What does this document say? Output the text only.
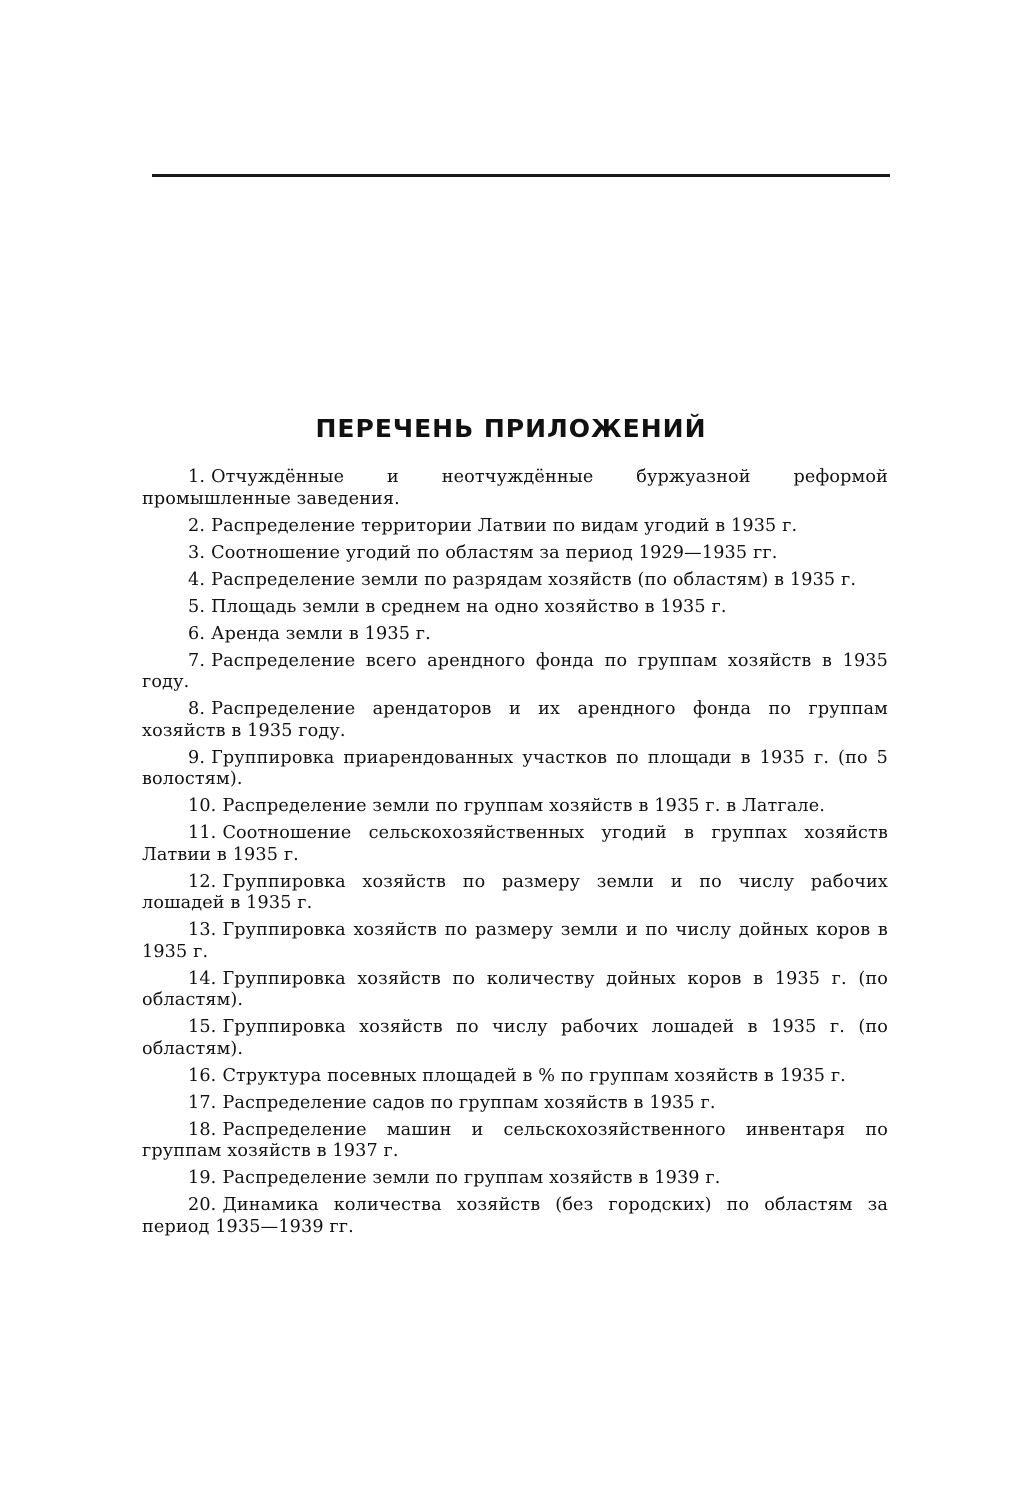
ПЕРЕЧЕНЬ ПРИЛОЖЕНИЙ

1. Отчуждённые и неотчуждённые буржуазной реформой промышленные заведения.

2. Распределение территории Латвии по видам угодий в 1935 г.

3. Соотношение угодий по областям за период 1929—1935 гг.

4. Распределение земли по разрядам хозяйств (по областям) в 1935 г.

5. Площадь земли в среднем на одно хозяйство в 1935 г.

6. Аренда земли в 1935 г.

7. Распределение всего арендного фонда по группам хозяйств в 1935 году.

8. Распределение арендаторов и их арендного фонда по группам хозяйств в 1935 году.

9. Группировка приарендованных участков по площади в 1935 г. (по 5 волостям).

10. Распределение земли по группам хозяйств в 1935 г. в Латгале.

11. Соотношение сельскохозяйственных угодий в группах хозяйств Латвии в 1935 г.

12. Группировка хозяйств по размеру земли и по числу рабочих лошадей в 1935 г.

13. Группировка хозяйств по размеру земли и по числу дойных коров в 1935 г.

14. Группировка хозяйств по количеству дойных коров в 1935 г. (по областям).

15. Группировка хозяйств по числу рабочих лошадей в 1935 г. (по областям).

16. Структура посевных площадей в % по группам хозяйств в 1935 г.

17. Распределение садов по группам хозяйств в 1935 г.

18. Распределение машин и сельскохозяйственного инвентаря по группам хозяйств в 1937 г.

19. Распределение земли по группам хозяйств в 1939 г.

20. Динамика количества хозяйств (без городских) по областям за период 1935—1939 гг.
